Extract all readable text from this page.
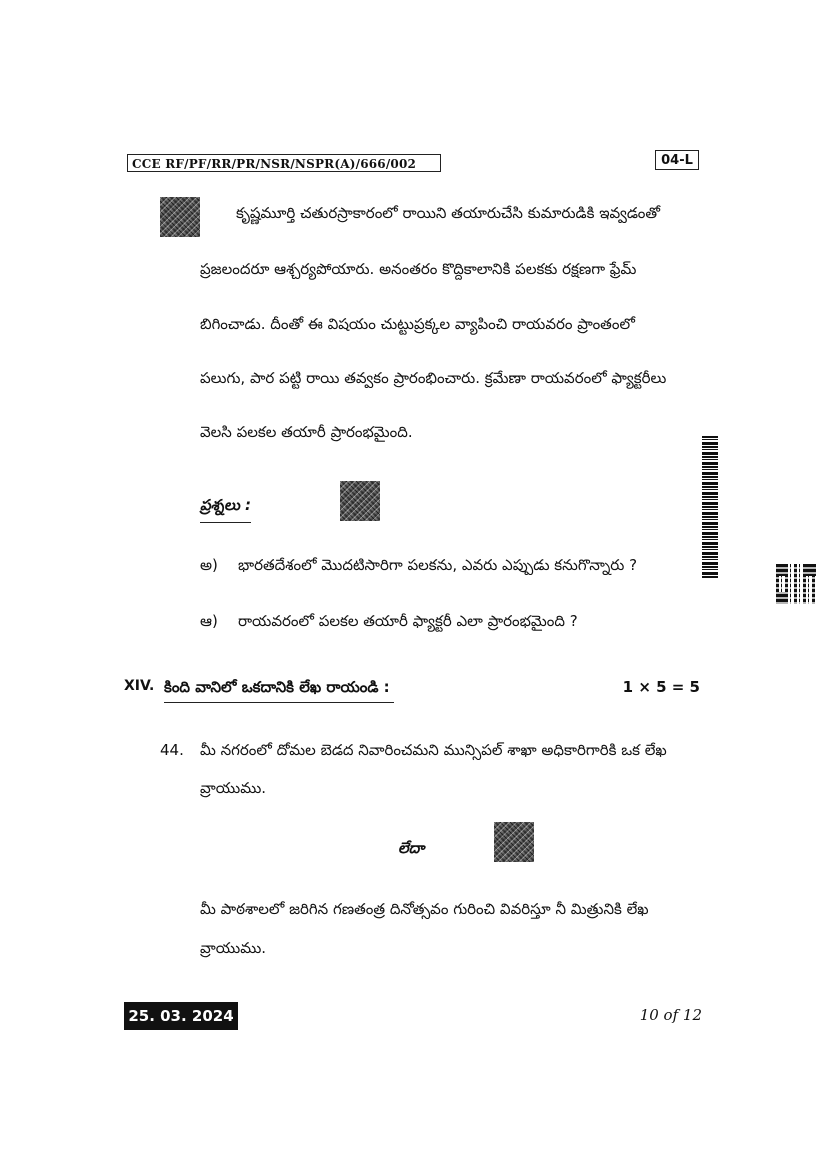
CCE RF/PF/RR/PR/NSR/NSPR(A)/666/002	04-L
కృష్ణమూర్తి చతురస్రాకారంలో రాయిని తయారుచేసి కుమారుడికి ఇవ్వడంతో
ప్రజలందరూ ఆశ్చర్యపోయారు. అనంతరం కొద్దికాలానికి పలకకు రక్షణగా ఫ్రేమ్
బిగించాడు. దీంతో ఈ విషయం చుట్టుప్రక్కల వ్యాపించి రాయవరం ప్రాంతంలో
పలుగు, పార పట్టి రాయి తవ్వకం ప్రారంభించారు. క్రమేణా రాయవరంలో ఫ్యాక్టరీలు
వెలసి పలకల తయారీ ప్రారంభమైంది.
ప్రశ్నలు :
అ) భారతదేశంలో మొదటిసారిగా పలకను, ఎవరు ఎప్పుడు కనుగొన్నారు ?
ఆ) రాయవరంలో పలకల తయారీ ఫ్యాక్టరీ ఎలా ప్రారంభమైంది ?
XIV. కింది వానిలో ఒకదానికి లేఖ రాయండి :	1 × 5 = 5
44. మీ నగరంలో దోమల బెడద నివారించమని మున్సిపల్ శాఖా అధికారిగారికి ఒక లేఖ
వ్రాయుము.
లేదా
మీ పాఠశాలలో జరిగిన గణతంత్ర దినోత్సవం గురించి వివరిస్తూ నీ మిత్రునికి లేఖ
వ్రాయుము.
25. 03. 2024	10 of 12
